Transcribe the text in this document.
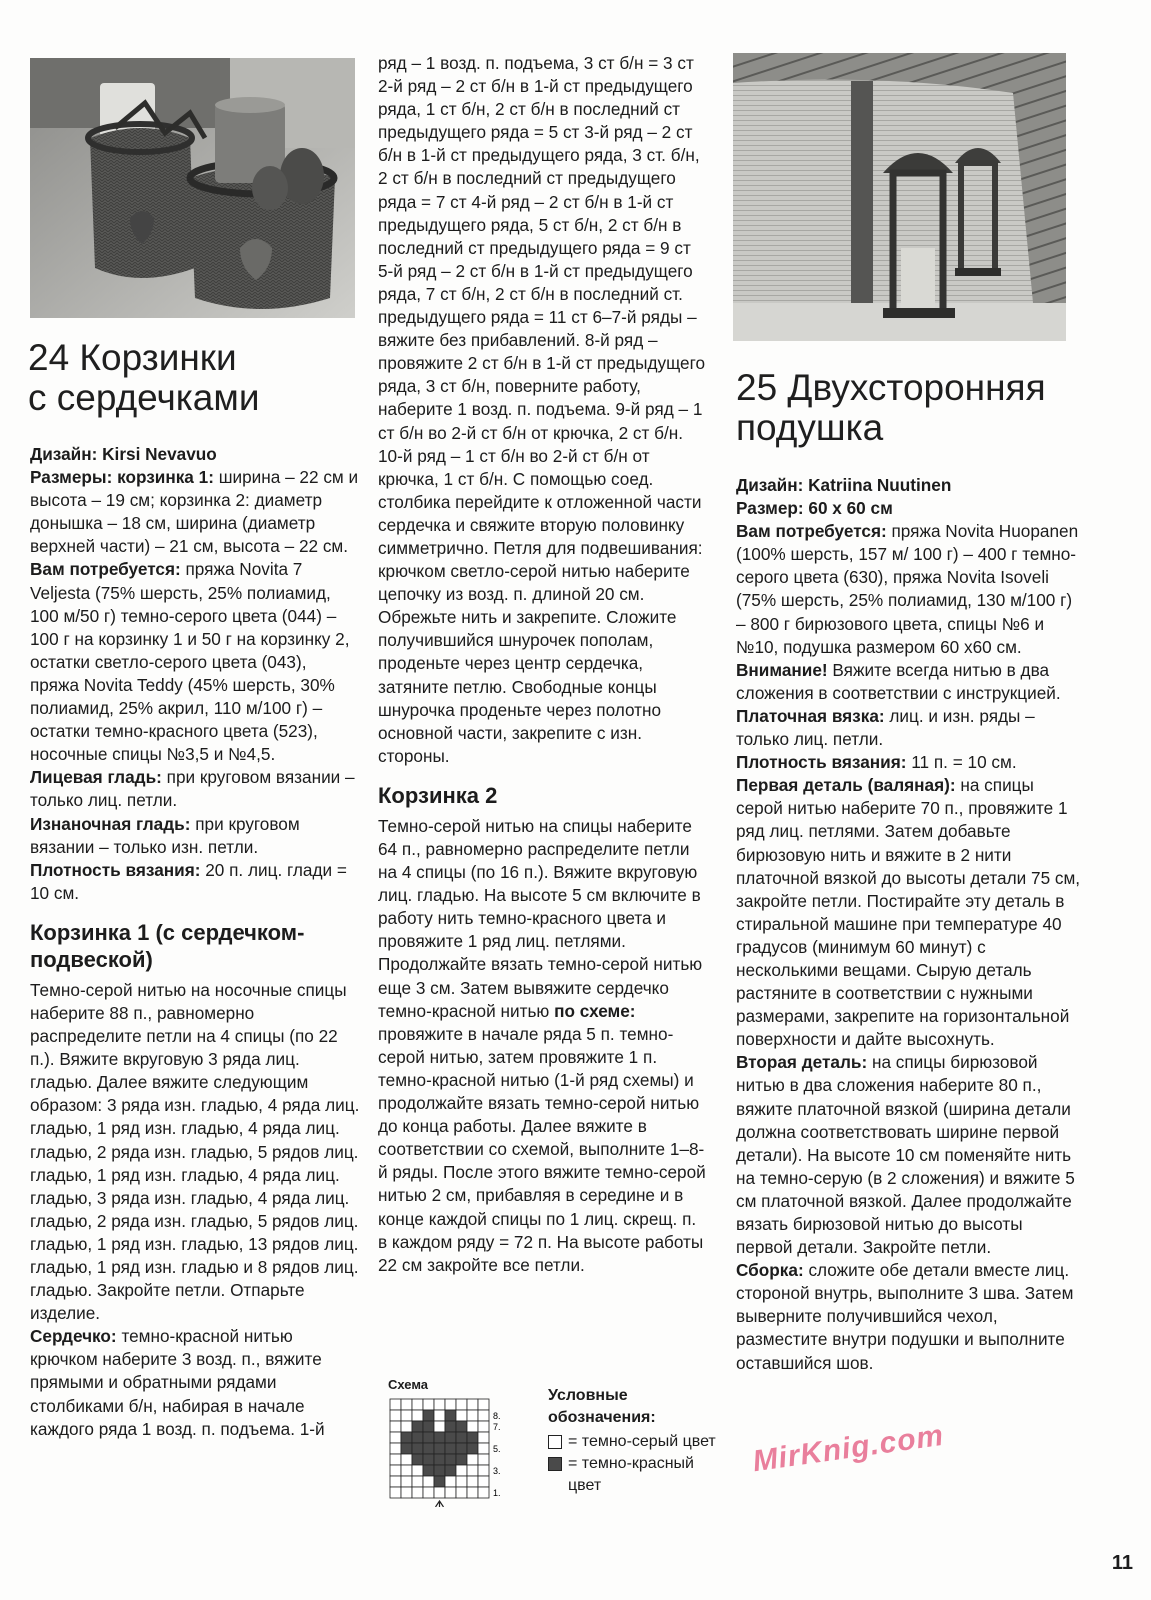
24 Корзинки
с сердечками

Дизайн: Kirsi Nevavuo

Размеры: корзинка 1: ширина – 22 см и высота – 19 см; корзинка 2: диаметр донышка – 18 см, ширина (диаметр верхней части) – 21 см, высота – 22 см.

Вам потребуется: пряжа Novita 7 Veljesta (75% шерсть, 25% полиамид, 100 м/50 г) темно-серого цвета (044) – 100 г на корзинку 1 и 50 г на корзинку 2, остатки светло-серого цвета (043), пряжа Novita Teddy (45% шерсть, 30% полиамид, 25% акрил, 110 м/100 г) – остатки темно-красного цвета (523), носочные спицы №3,5 и №4,5.

Лицевая гладь: при круговом вязании – только лиц. петли.

Изнаночная гладь: при круговом вязании – только изн. петли.

Плотность вязания: 20 п. лиц. глади = 10 см.

Корзинка 1 (с сердечком-подвеской)

Темно-серой нитью на носочные спицы наберите 88 п., равномерно распределите петли на 4 спицы (по 22 п.). Вяжите вкруговую 3 ряда лиц. гладью. Далее вяжите следующим образом: 3 ряда изн. гладью, 4 ряда лиц. гладью, 1 ряд изн. гладью, 4 ряда лиц. гладью, 2 ряда изн. гладью, 5 рядов лиц. гладью, 1 ряд изн. гладью, 4 ряда лиц. гладью, 3 ряда изн. гладью, 4 ряда лиц. гладью, 2 ряда изн. гладью, 5 рядов лиц. гладью, 1 ряд изн. гладью, 13 рядов лиц. гладью, 1 ряд изн. гладью и 8 рядов лиц. гладью. Закройте петли. Отпарьте изделие.

Сердечко: темно-красной нитью крючком наберите 3 возд. п., вяжите прямыми и обратными рядами столбиками б/н, набирая в начале каждого ряда 1 возд. п. подъема. 1-й

ряд – 1 возд. п. подъема, 3 ст б/н = 3 ст 2-й ряд – 2 ст б/н в 1-й ст предыдущего ряда, 1 ст б/н, 2 ст б/н в последний ст предыдущего ряда = 5 ст 3-й ряд – 2 ст б/н в 1-й ст предыдущего ряда, 3 ст. б/н, 2 ст б/н в последний ст предыдущего ряда = 7 ст 4-й ряд – 2 ст б/н в 1-й ст предыдущего ряда, 5 ст б/н, 2 ст б/н в последний ст предыдущего ряда = 9 ст 5-й ряд – 2 ст б/н в 1-й ст предыдущего ряда, 7 ст б/н, 2 ст б/н в последний ст. предыдущего ряда = 11 ст 6–7-й ряды – вяжите без прибавлений. 8-й ряд – провяжите 2 ст б/н в 1-й ст предыдущего ряда, 3 ст б/н, поверните работу, наберите 1 возд. п. подъема. 9-й ряд – 1 ст б/н во 2-й ст б/н от крючка, 2 ст б/н. 10-й ряд – 1 ст б/н во 2-й ст б/н от крючка, 1 ст б/н. С помощью соед. столбика перейдите к отложенной части сердечка и свяжите вторую половинку симметрично. Петля для подвешивания: крючком светло-серой нитью наберите цепочку из возд. п. длиной 20 см. Обрежьте нить и закрепите. Сложите получившийся шнурочек пополам, проденьте через центр сердечка, затяните петлю. Свободные концы шнурочка проденьте через полотно основной части, закрепите с изн. стороны.

Корзинка 2

Темно-серой нитью на спицы наберите 64 п., равномерно распределите петли на 4 спицы (по 16 п.). Вяжите вкруговую лиц. гладью. На высоте 5 см включите в работу нить темно-красного цвета и провяжите 1 ряд лиц. петлями. Продолжайте вязать темно-серой нитью еще 3 см. Затем вывяжите сердечко темно-красной нитью по схеме: провяжите в начале ряда 5 п. темно-серой нитью, затем провяжите 1 п. темно-красной нитью (1-й ряд схемы) и продолжайте вязать темно-серой нитью до конца работы. Далее вяжите в соответствии со схемой, выполните 1–8-й ряды. После этого вяжите темно-серой нитью 2 см, прибавляя в середине и в конце каждой спицы по 1 лиц. скрещ. п. в каждом ряду = 72 п. На высоте работы 22 см закройте все петли.

Схема
8.
7.
5.
3.
1.
Условные обозначения:
= темно-серый цвет
= темно-красный цвет
25 Двухсторонняя
подушка

Дизайн: Katriina Nuutinen

Размер: 60 х 60 см

Вам потребуется: пряжа Novita Huopanen (100% шерсть, 157 м/ 100 г) – 400 г темно-серого цвета (630), пряжа Novita Isoveli (75% шерсть, 25% полиамид, 130 м/100 г) – 800 г бирюзового цвета, спицы №6 и №10, подушка размером 60 х60 см.

Внимание! Вяжите всегда нитью в два сложения в соответствии с инструкцией.

Платочная вязка: лиц. и изн. ряды – только лиц. петли.

Плотность вязания: 11 п. = 10 см.

Первая деталь (валяная): на спицы серой нитью наберите 70 п., провяжите 1 ряд лиц. петлями. Затем добавьте бирюзовую нить и вяжите в 2 нити платочной вязкой до высоты детали 75 см, закройте петли. Постирайте эту деталь в стиральной машине при температуре 40 градусов (минимум 60 минут) с несколькими вещами. Сырую деталь растяните в соответствии с нужными размерами, закрепите на горизонтальной поверхности и дайте высохнуть.

Вторая деталь: на спицы бирюзовой нитью в два сложения наберите 80 п., вяжите платочной вязкой (ширина детали должна соответствовать ширине первой детали). На высоте 10 см поменяйте нить на темно-серую (в 2 сложения) и вяжите 5 см платочной вязкой. Далее продолжайте вязать бирюзовой нитью до высоты первой детали. Закройте петли.

Сборка: сложите обе детали вместе лиц. стороной внутрь, выполните 3 шва. Затем выверните получившийся чехол, разместите внутри подушки и выполните оставшийся шов.

MirKnig.com
11
